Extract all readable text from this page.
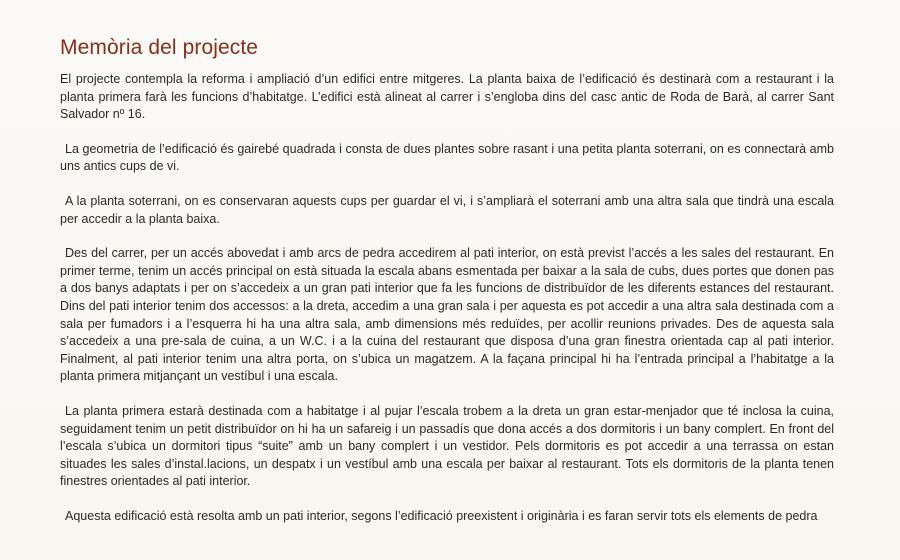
Memòria del projecte

El projecte contempla la reforma i ampliació d’un edifici entre mitgeres. La planta baixa de l’edificació és destinarà com a restaurant i la planta primera farà les funcions d’habitatge. L’edifici està alineat al carrer i s’engloba dins del casc antic de Roda de Barà, al carrer Sant Salvador nº 16.

La geometria de l’edificació és gairebé quadrada i consta de dues plantes sobre rasant i una petita planta soterrani, on es connectarà amb uns antics cups de vi.

A la planta soterrani, on es conservaran aquests cups per guardar el vi, i s’ampliarà el soterrani amb una altra sala que tindrà una escala per accedir a la planta baixa.

Des del carrer, per un accés abovedat i amb arcs de pedra accedirem al pati interior, on està previst l’accés a les sales del restaurant. En primer terme, tenim un accés principal on està situada la escala abans esmentada per baixar a la sala de cubs, dues portes que donen pas a dos banys adaptats i per on s’accedeix a un gran pati interior que fa les funcions de distribuïdor de les diferents estances del restaurant. Dins del pati interior tenim dos accessos: a la dreta, accedim a una gran sala i per aquesta es pot accedir a una altra sala destinada com a sala per fumadors i a l’esquerra hi ha una altra sala, amb dimensions més reduïdes, per acollir reunions privades. Des de aquesta sala s’accedeix a una pre-sala de cuina, a un W.C. i a la cuina del restaurant que disposa d’una gran finestra orientada cap al pati interior. Finalment, al pati interior tenim una altra porta, on s’ubica un magatzem. A la façana principal hi ha l’entrada principal a l’habitatge a la planta primera mitjançant un vestíbul i una escala.

La planta primera estarà destinada com a habitatge i al pujar l’escala trobem a la dreta un gran estar-menjador que té inclosa la cuina, seguidament tenim un petit distribuïdor on hi ha un safareig i un passadís que dona accés a dos dormitoris i un bany complert. En front del l’escala s’ubica un dormitori tipus “suite” amb un bany complert i un vestidor. Pels dormitoris es pot accedir a una terrassa on estan situades les sales d’instal.lacions, un despatx i un vestíbul amb una escala per baixar al restaurant. Tots els dormitoris de la planta tenen finestres orientades al pati interior.

Aquesta edificació està resolta amb un pati interior, segons l’edificació preexistent i originària i es faran servir tots els elements de pedra
